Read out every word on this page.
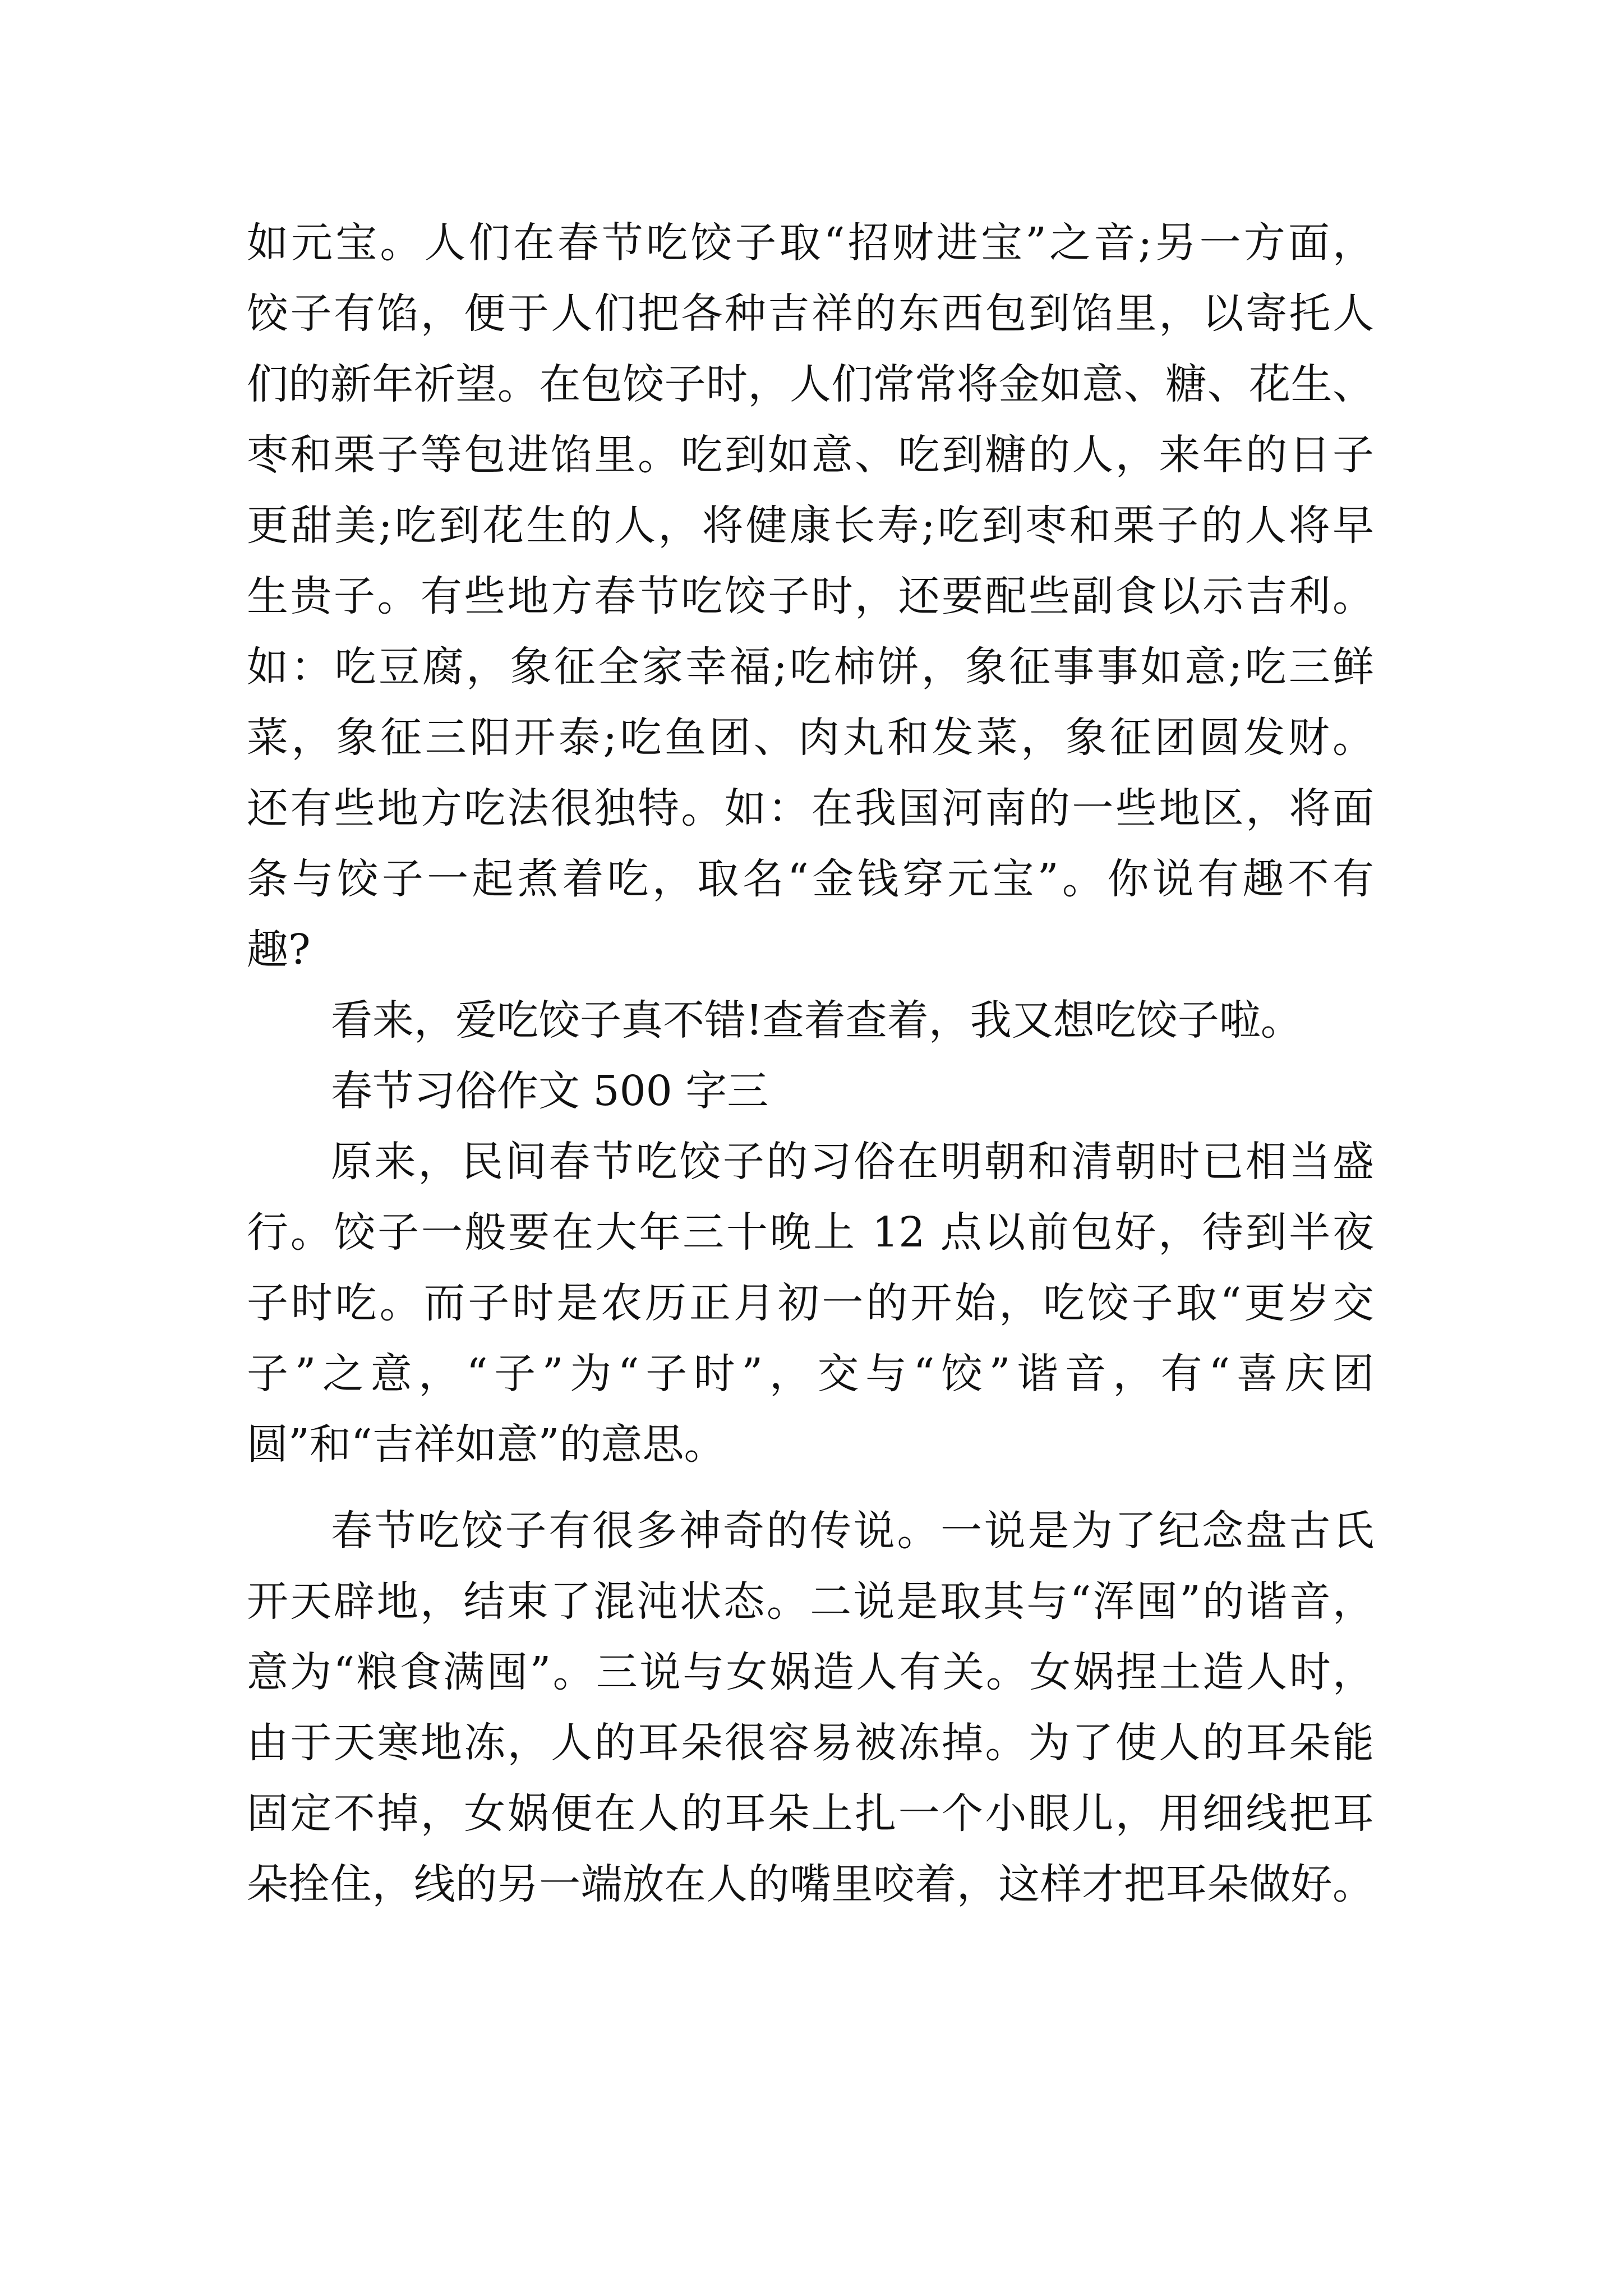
如元宝。人们在春节吃饺子取“招财进宝”之音;另一方面，
饺子有馅，便于人们把各种吉祥的东西包到馅里，以寄托人
们的新年祈望。在包饺子时，人们常常将金如意、糖、花生、
枣和栗子等包进馅里。吃到如意、吃到糖的人，来年的日子
更甜美;吃到花生的人，将健康长寿;吃到枣和栗子的人将早
生贵子。有些地方春节吃饺子时，还要配些副食以示吉利。
如：吃豆腐，象征全家幸福;吃柿饼，象征事事如意;吃三鲜
菜，象征三阳开泰;吃鱼团、肉丸和发菜，象征团圆发财。
还有些地方吃法很独特。如：在我国河南的一些地区，将面
条与饺子一起煮着吃，取名“金钱穿元宝”。你说有趣不有
趣?
看来，爱吃饺子真不错!查着查着，我又想吃饺子啦。
春节习俗作文 500 字三
原来，民间春节吃饺子的习俗在明朝和清朝时已相当盛
行。饺子一般要在大年三十晚上 12 点以前包好，待到半夜
子时吃。而子时是农历正月初一的开始，吃饺子取“更岁交
子”之意，“子”为“子时”，交与“饺”谐音，有“喜庆团
圆”和“吉祥如意”的意思。
春节吃饺子有很多神奇的传说。一说是为了纪念盘古氏
开天辟地，结束了混沌状态。二说是取其与“浑囤”的谐音，
意为“粮食满囤”。三说与女娲造人有关。女娲捏土造人时，
由于天寒地冻，人的耳朵很容易被冻掉。为了使人的耳朵能
固定不掉，女娲便在人的耳朵上扎一个小眼儿，用细线把耳
朵拴住，线的另一端放在人的嘴里咬着，这样才把耳朵做好。
